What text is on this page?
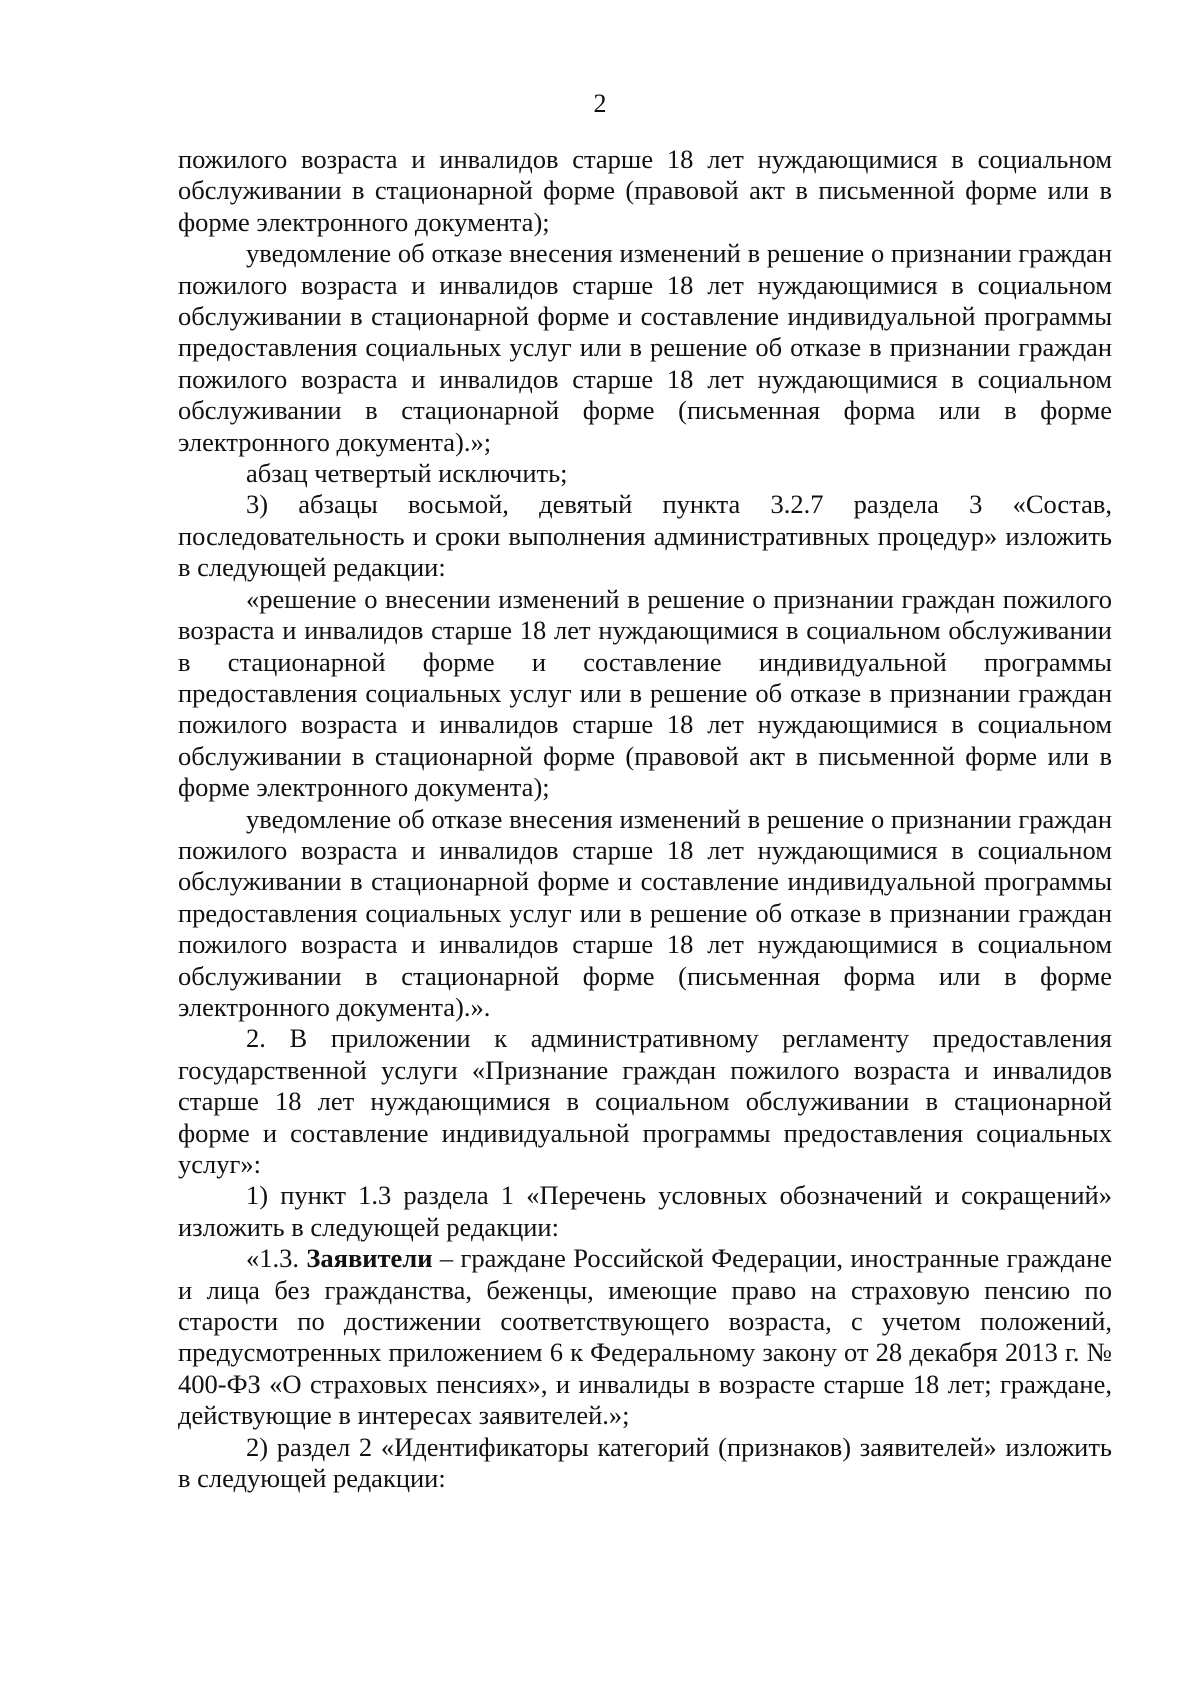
2

пожилого возраста и инвалидов старше 18 лет нуждающимися в социальном обслуживании в стационарной форме (правовой акт в письменной форме или в форме электронного документа);

уведомление об отказе внесения изменений в решение о признании граждан пожилого возраста и инвалидов старше 18 лет нуждающимися в социальном обслуживании в стационарной форме и составление индивидуальной программы предоставления социальных услуг или в решение об отказе в признании граждан пожилого возраста и инвалидов старше 18 лет нуждающимися в социальном обслуживании в стационарной форме (письменная форма или в форме электронного документа).»;

абзац четвертый исключить;

3) абзацы восьмой, девятый пункта 3.2.7 раздела 3 «Состав, последовательность и сроки выполнения административных процедур» изложить в следующей редакции:

«решение о внесении изменений в решение о признании граждан пожилого возраста и инвалидов старше 18 лет нуждающимися в социальном обслуживании в стационарной форме и составление индивидуальной программы предоставления социальных услуг или в решение об отказе в признании граждан пожилого возраста и инвалидов старше 18 лет нуждающимися в социальном обслуживании в стационарной форме (правовой акт в письменной форме или в форме электронного документа);

уведомление об отказе внесения изменений в решение о признании граждан пожилого возраста и инвалидов старше 18 лет нуждающимися в социальном обслуживании в стационарной форме и составление индивидуальной программы предоставления социальных услуг или в решение об отказе в признании граждан пожилого возраста и инвалидов старше 18 лет нуждающимися в социальном обслуживании в стационарной форме (письменная форма или в форме электронного документа).».

2. В приложении к административному регламенту предоставления государственной услуги «Признание граждан пожилого возраста и инвалидов старше 18 лет нуждающимися в социальном обслуживании в стационарной форме и составление индивидуальной программы предоставления социальных услуг»:

1) пункт 1.3 раздела 1 «Перечень условных обозначений и сокращений» изложить в следующей редакции:

«1.3. Заявители – граждане Российской Федерации, иностранные граждане и лица без гражданства, беженцы, имеющие право на страховую пенсию по старости по достижении соответствующего возраста, с учетом положений, предусмотренных приложением 6 к Федеральному закону от 28 декабря 2013 г. № 400-ФЗ «О страховых пенсиях», и инвалиды в возрасте старше 18 лет; граждане, действующие в интересах заявителей.»;

2) раздел 2 «Идентификаторы категорий (признаков) заявителей» изложить в следующей редакции:
